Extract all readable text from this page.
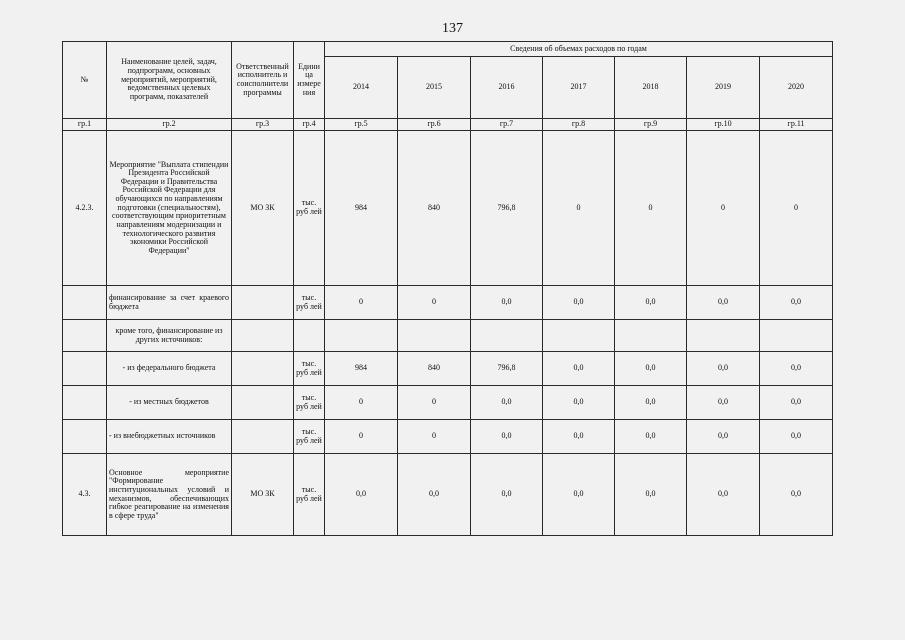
137
№	Наименование целей, задач, подпрограмм, основных мероприятий, мероприятий, ведомственных целевых программ, показателей	Ответственный исполнитель и соисполнители программы	Единица измерения	Сведения об объемах расходов по годам						
				2014	2015	2016	2017	2018	2019	2020
гр.1	гр.2	гр.3	гр.4	гр.5	гр.6	гр.7	гр.8	гр.9	гр.10	гр.11
4.2.3.	Мероприятие "Выплата стипендии Президента Российской Федерации и Правительства Российской Федерации для обучающихся по направлениям подготовки (специальностям), соответствующим приоритетным направлениям модернизации и технологического развития экономики Российской Федерации"	МО ЗК	тыс. руб лей	984	840	796,8	0	0	0	0
	финансирование за счет краевого бюджета		тыс. руб лей	0	0	0,0	0,0	0,0	0,0	0,0
	кроме того, финансирование из других источников:									
	- из федерального бюджета		тыс. руб лей	984	840	796,8	0,0	0,0	0,0	0,0
	- из местных бюджетов		тыс. руб лей	0	0	0,0	0,0	0,0	0,0	0,0
	- из внебюджетных источников		тыс. руб лей	0	0	0,0	0,0	0,0	0,0	0,0
4.3.	Основное мероприятие "Формирование институциональных условий и механизмов, обеспечивающих гибкое реагирование на изменения в сфере труда"	МО ЗК	тыс. руб лей	0,0	0,0	0,0	0,0	0,0	0,0	0,0
